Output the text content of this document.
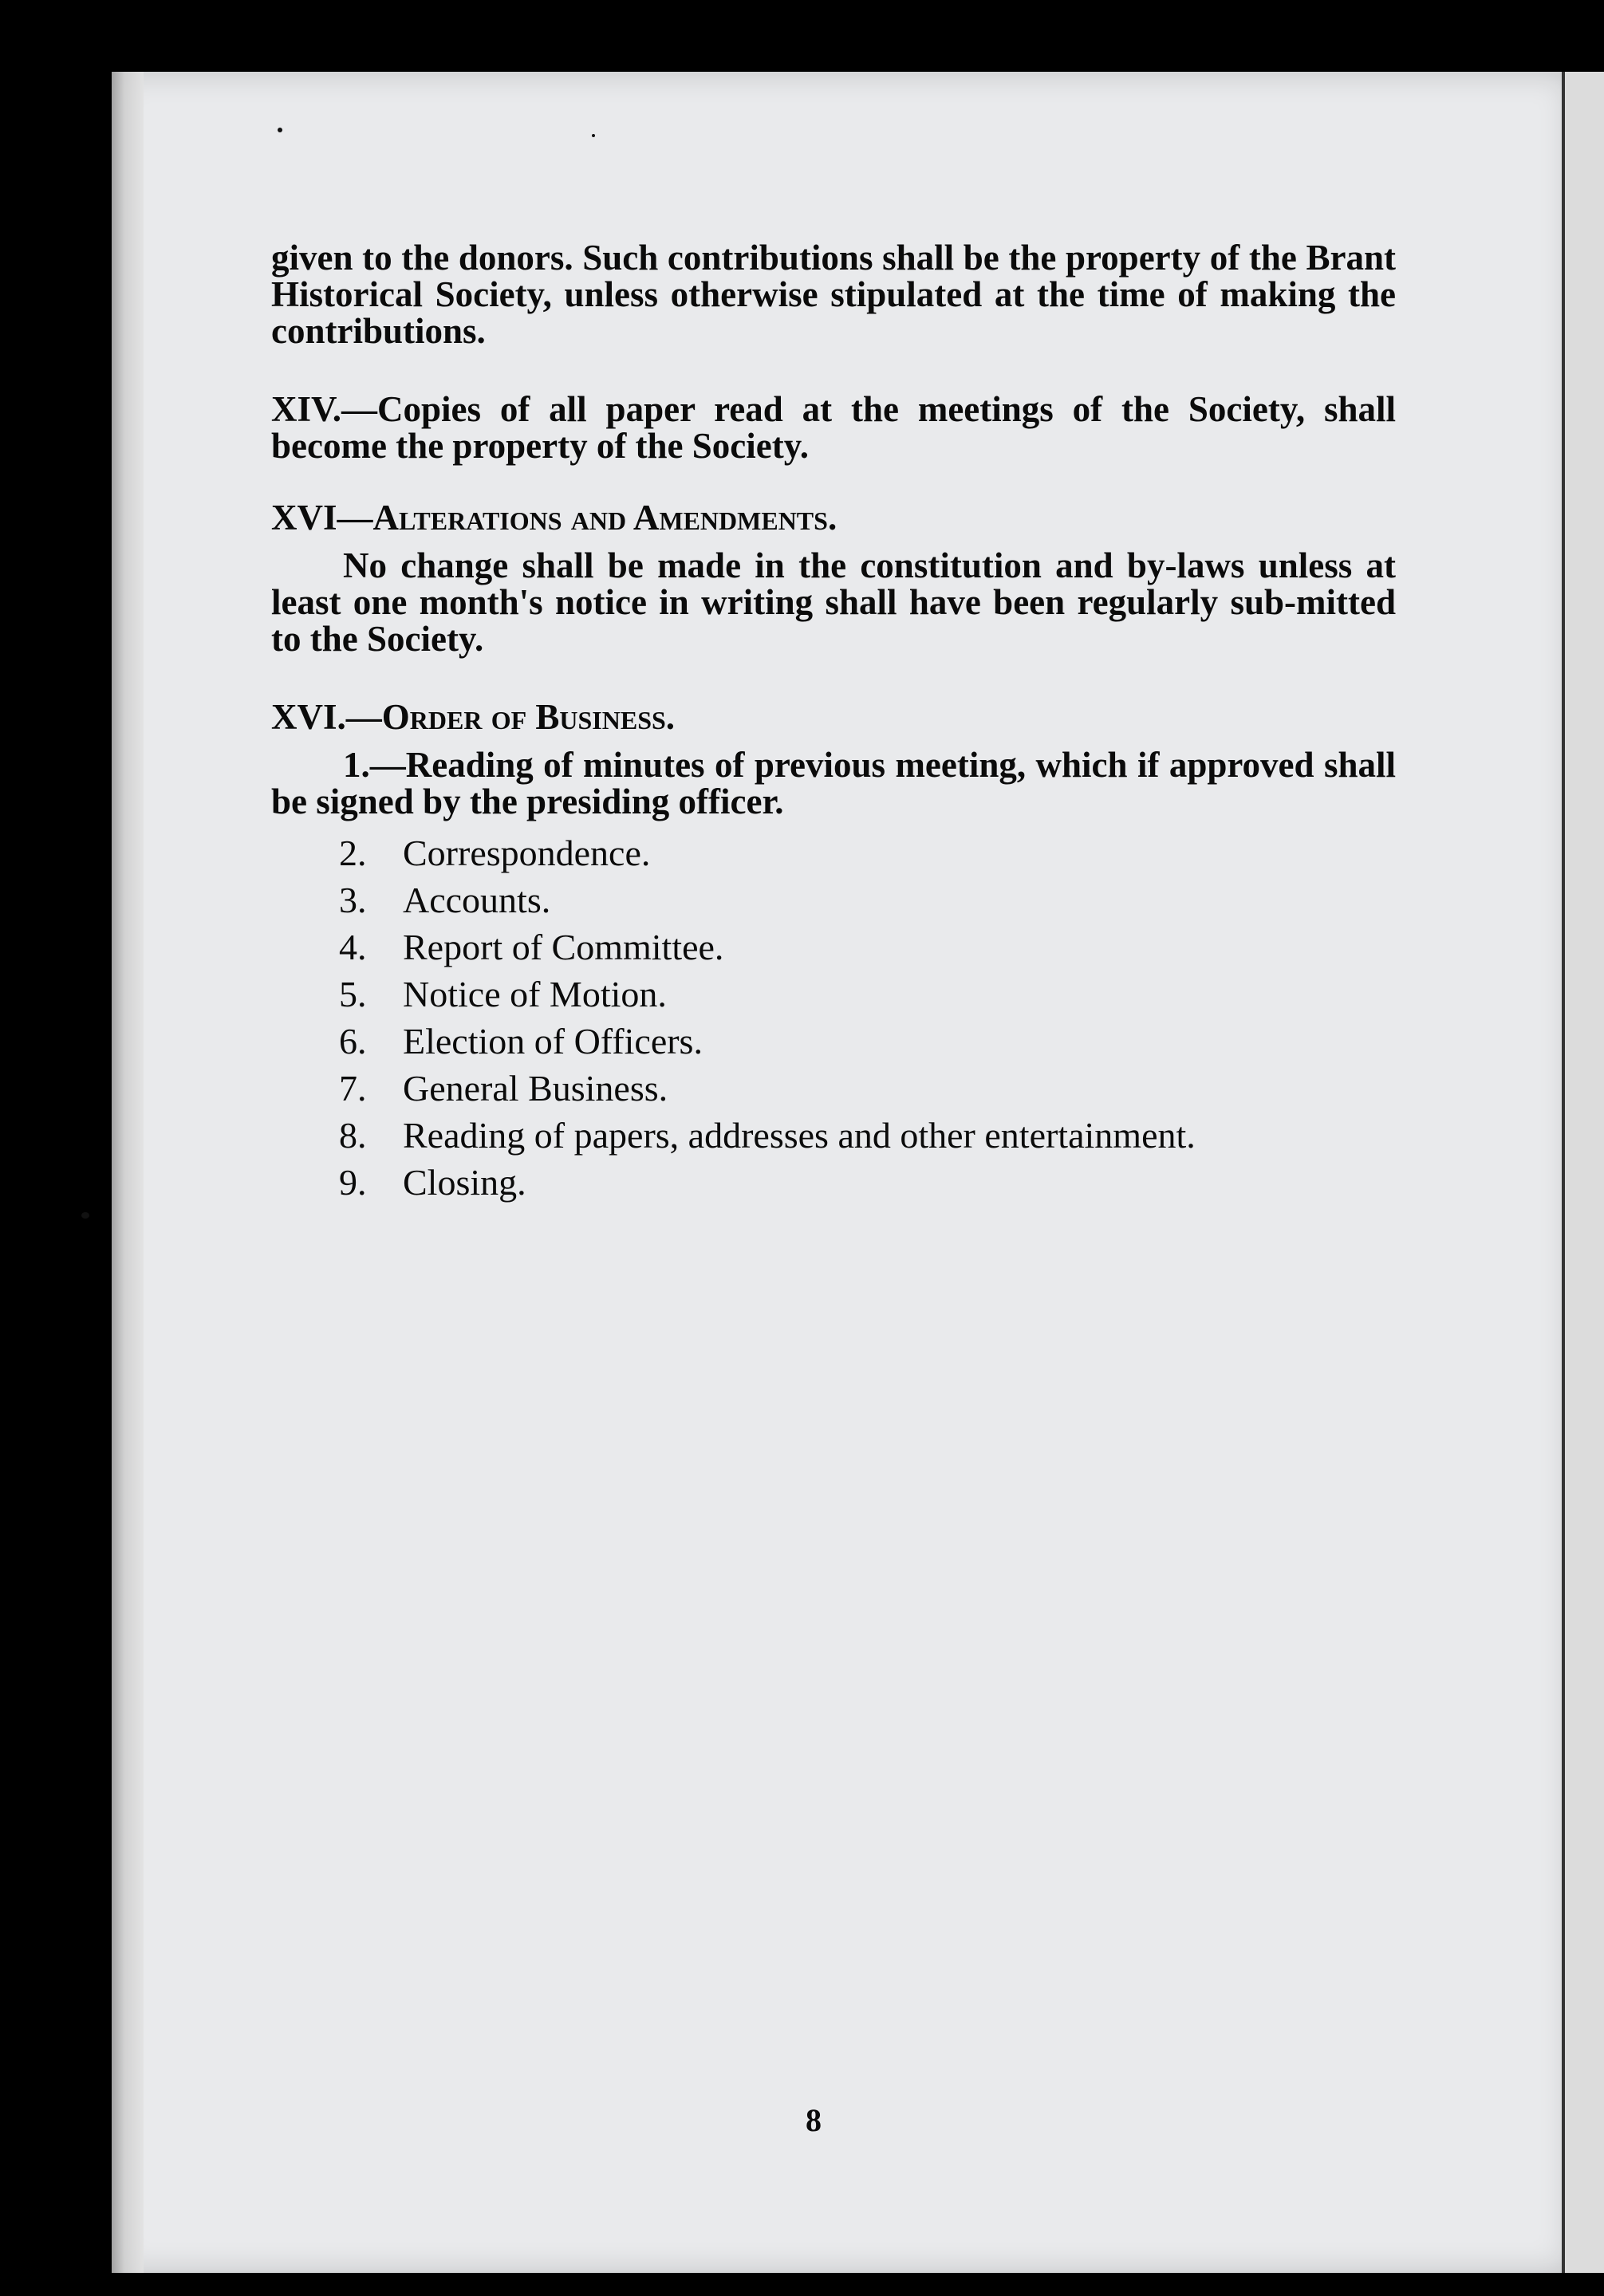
given to the donors. Such contributions shall be the property of the Brant Historical Society, unless otherwise stipulated at the time of making the contributions.

XIV.—Copies of all paper read at the meetings of the Society, shall become the property of the Society.

XVI—Alterations and Amendments.

No change shall be made in the constitution and by-laws unless at least one month's notice in writing shall have been regularly sub-mitted to the Society.

XVI.—Order of Business.

1.—Reading of minutes of previous meeting, which if approved shall be signed by the presiding officer.

2. Correspondence.
3. Accounts.
4. Report of Committee.
5. Notice of Motion.
6. Election of Officers.
7. General Business.
8. Reading of papers, addresses and other entertainment.
9. Closing.
8
